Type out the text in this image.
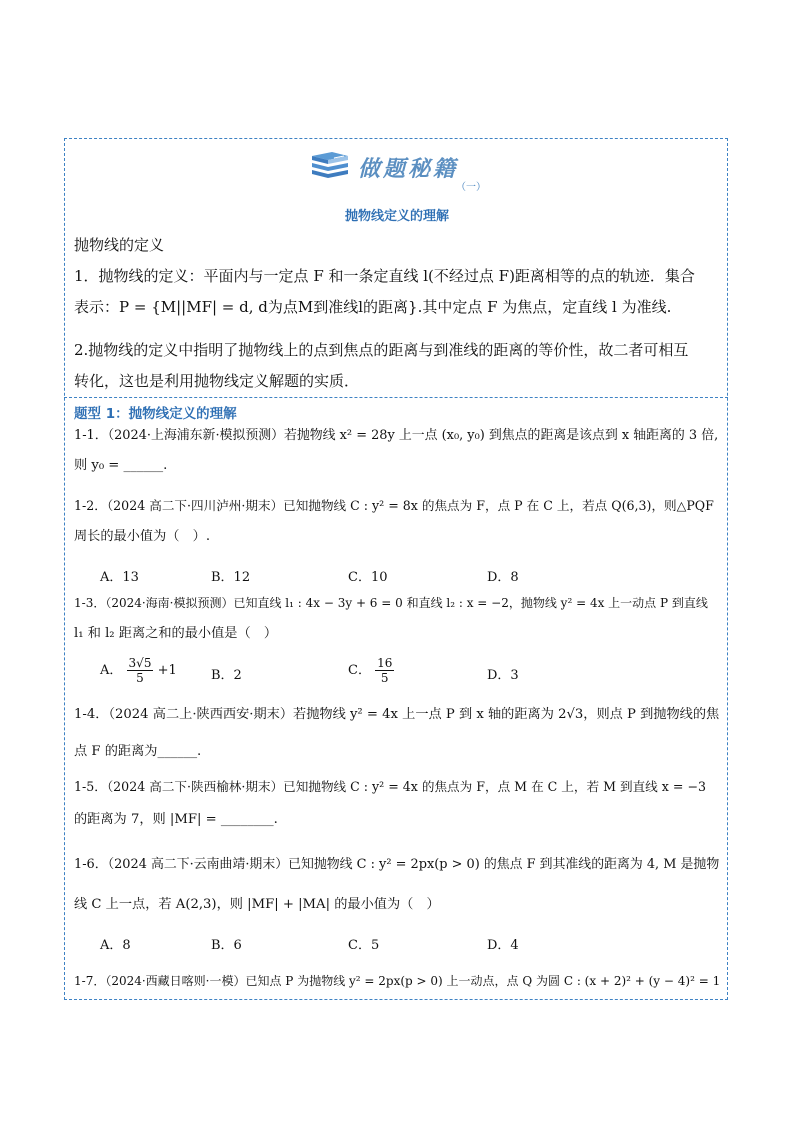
做题秘籍
（一）
抛物线定义的理解
抛物线的定义
1．抛物线的定义：平面内与一定点 F 和一条定直线 l(不经过点 F)距离相等的点的轨迹．集合
表示：P = {M||MF| = d, d为点M到准线l的距离}.其中定点 F 为焦点，定直线 l 为准线.
2.抛物线的定义中指明了抛物线上的点到焦点的距离与到准线的距离的等价性，故二者可相互
转化，这也是利用抛物线定义解题的实质．
题型 1：抛物线定义的理解
1-1．（2024·上海浦东新·模拟预测）若抛物线 x² = 28y 上一点 (x₀, y₀) 到焦点的距离是该点到 x 轴距离的 3 倍,
则 y₀ = ______.
1-2．（2024 高二下·四川泸州·期末）已知抛物线 C : y² = 8x 的焦点为 F，点 P 在 C 上，若点 Q(6,3)，则△PQF
周长的最小值为（　）.
A．13	B．12	C．10	D．8
1-3．（2024·海南·模拟预测）已知直线 l₁ : 4x − 3y + 6 = 0 和直线 l₂ : x = −2，抛物线 y² = 4x 上一动点 P 到直线
l₁ 和 l₂ 距离之和的最小值是（　）
A． $\frac{3√5}{5} +1$	B．2	C． $\frac{16}{5}$	D．3
1-4．（2024 高二上·陕西西安·期末）若抛物线 y² = 4x 上一点 P 到 x 轴的距离为 2√3，则点 P 到抛物线的焦
点 F 的距离为______.
1-5．（2024 高二下·陕西榆林·期末）已知抛物线 C : y² = 4x 的焦点为 F，点 M 在 C 上，若 M 到直线 x = −3
的距离为 7，则 |MF| = ________.
1-6．（2024 高二下·云南曲靖·期末）已知抛物线 C : y² = 2px(p > 0) 的焦点 F 到其准线的距离为 4, M 是抛物
线 C 上一点，若 A(2,3)，则 |MF| + |MA| 的最小值为（　）
A．8	B．6	C．5	D．4
1-7．（2024·西藏日喀则·一模）已知点 P 为抛物线 y² = 2px(p > 0) 上一动点，点 Q 为圆 C : (x + 2)² + (y − 4)² = 1
